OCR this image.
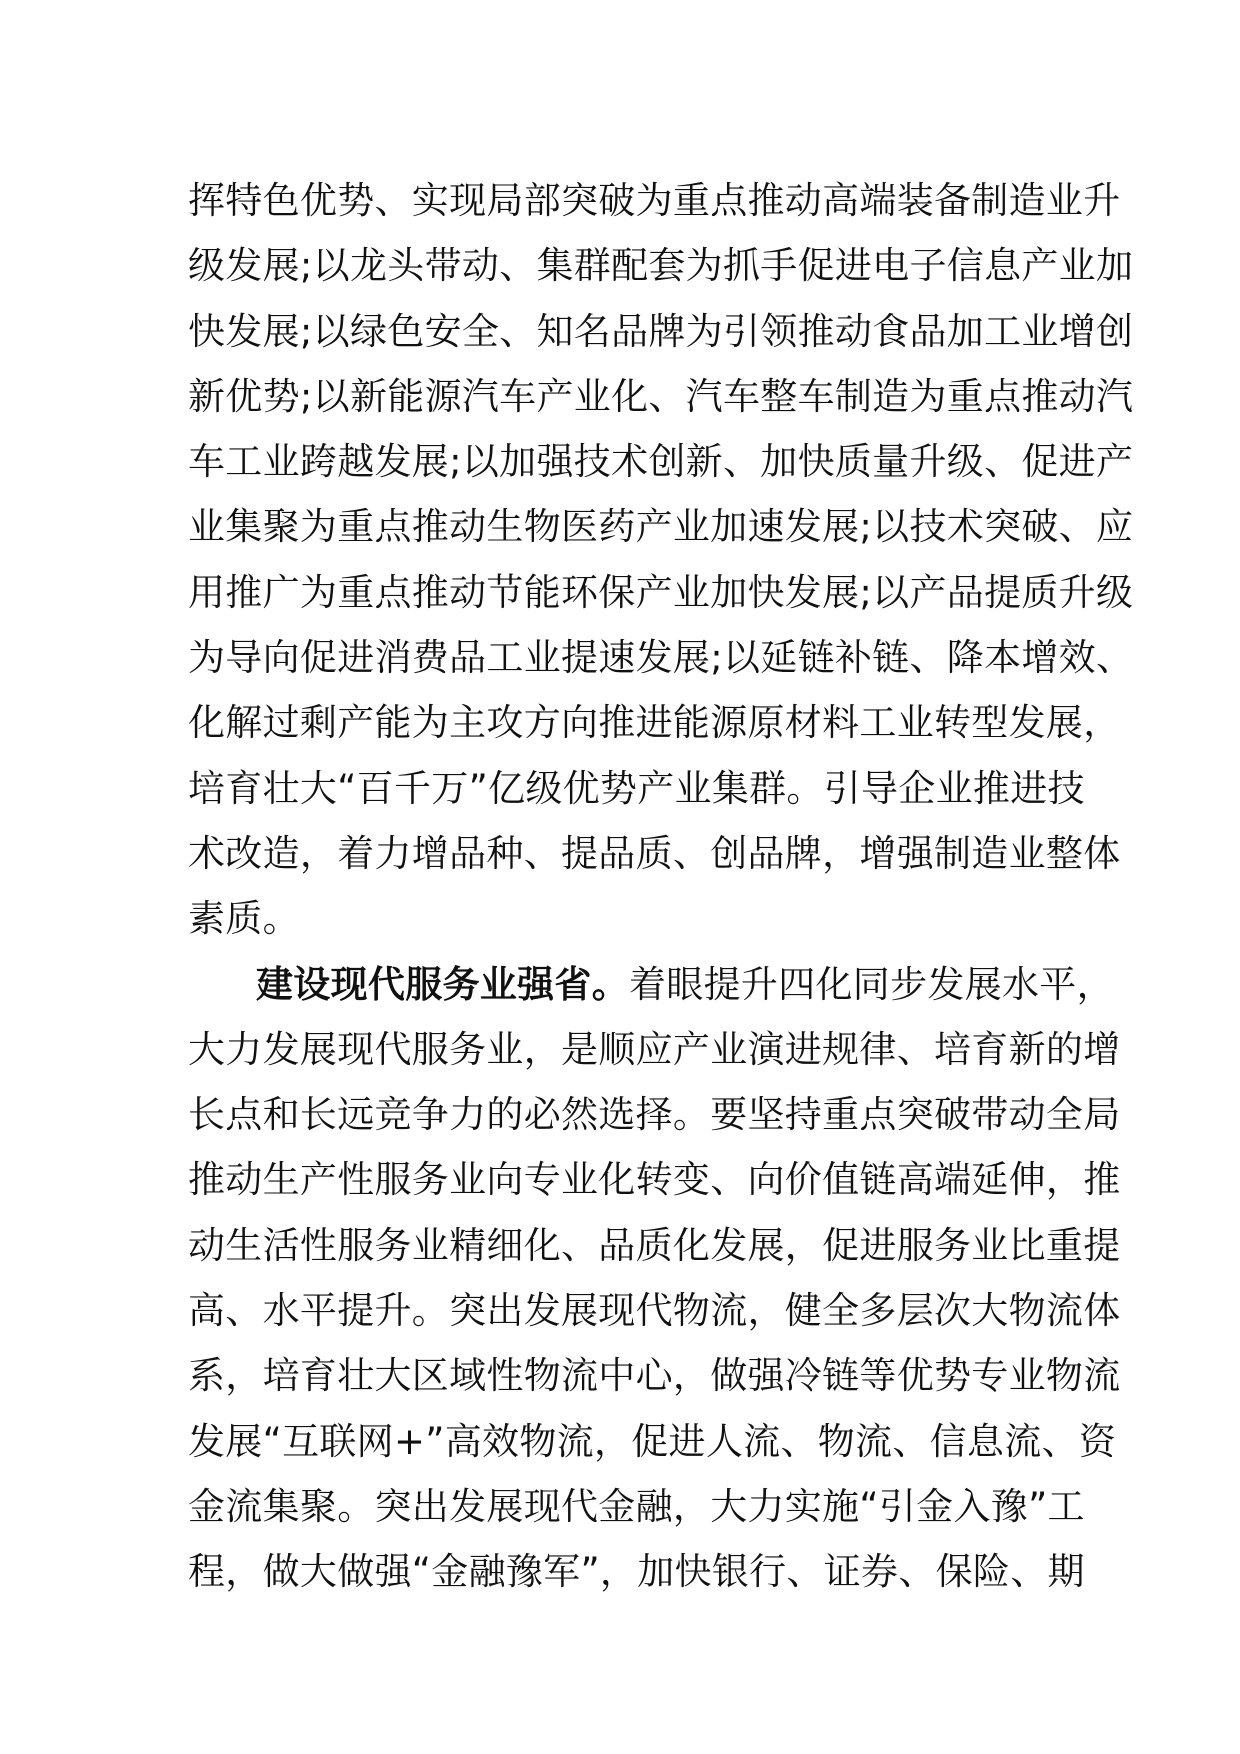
挥特色优势、实现局部突破为重点推动高端装备制造业升
级发展;以龙头带动、集群配套为抓手促进电子信息产业加
快发展;以绿色安全、知名品牌为引领推动食品加工业增创
新优势;以新能源汽车产业化、汽车整车制造为重点推动汽
车工业跨越发展;以加强技术创新、加快质量升级、促进产
业集聚为重点推动生物医药产业加速发展;以技术突破、应
用推广为重点推动节能环保产业加快发展;以产品提质升级
为导向促进消费品工业提速发展;以延链补链、降本增效、
化解过剩产能为主攻方向推进能源原材料工业转型发展，
培育壮大“百千万”亿级优势产业集群。引导企业推进技
术改造，着力增品种、提品质、创品牌，增强制造业整体
素质。
建设现代服务业强省。着眼提升四化同步发展水平，
大力发展现代服务业，是顺应产业演进规律、培育新的增
长点和长远竞争力的必然选择。要坚持重点突破带动全局
推动生产性服务业向专业化转变、向价值链高端延伸，推
动生活性服务业精细化、品质化发展，促进服务业比重提
高、水平提升。突出发展现代物流，健全多层次大物流体
系，培育壮大区域性物流中心，做强冷链等优势专业物流
发展“互联网+”高效物流，促进人流、物流、信息流、资
金流集聚。突出发展现代金融，大力实施“引金入豫”工
程，做大做强“金融豫军”，加快银行、证券、保险、期
